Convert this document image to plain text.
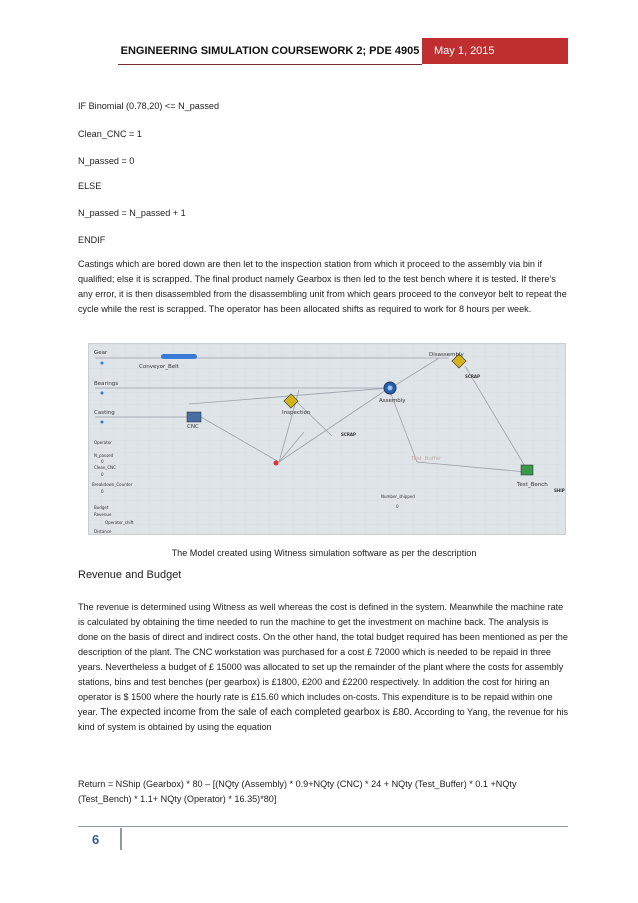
ENGINEERING SIMULATION COURSEWORK 2; PDE 4905	May 1, 2015
IF Binomial (0.78,20) <= N_passed
Clean_CNC = 1
N_passed = 0
ELSE
N_passed = N_passed + 1
ENDIF
Castings which are bored down are then let to the inspection station from which it proceed to the assembly via bin if qualified; else it is scrapped. The final product namely Gearbox is then led to the test bench where it is tested. If there’s any error, it is then disassembled from the disassembling unit from which gears proceed to the conveyor belt to repeat the cycle while the rest is scrapped. The operator has been allocated shifts as required to work for 8 hours per week.
Gear
Conveyor_Belt
Bearings
Casting
CNC
Inspection
Assembly
Disassembly
SCRAP
SCRAP
SHIP
Test_Buffer
Test_Bench
Number_shipped
0
Operator
N_passed
0
Clean_CNC
0
Breakdown_Counter
0
Budget
Revenue
Operator_shift
Distance
The Model created using Witness simulation software as per the description
Revenue and Budget
The revenue is determined using Witness as well whereas the cost is defined in the system. Meanwhile the machine rate is calculated by obtaining the time needed to run the machine to get the investment on machine back. The analysis is done on the basis of direct and indirect costs. On the other hand, the total budget required has been mentioned as per the description of the plant. The CNC workstation was purchased for a cost £ 72000 which is needed to be repaid in three years. Nevertheless a budget of £ 15000 was allocated to set up the remainder of the plant where the costs for assembly stations, bins and test benches (per gearbox) is £1800, £200 and £2200 respectively. In addition the cost for hiring an operator is $ 1500 where the hourly rate is £15.60 which includes on-costs. This expenditure is to be repaid within one year. The expected income from the sale of each completed gearbox is £80. According to Yang, the revenue for his kind of system is obtained by using the equation
Return = NShip (Gearbox) * 80 – [(NQty (Assembly) * 0.9+NQty (CNC) * 24 + NQty (Test_Buffer) * 0.1 +NQty (Test_Bench) * 1.1+ NQty (Operator) * 16.35)*80]
6
